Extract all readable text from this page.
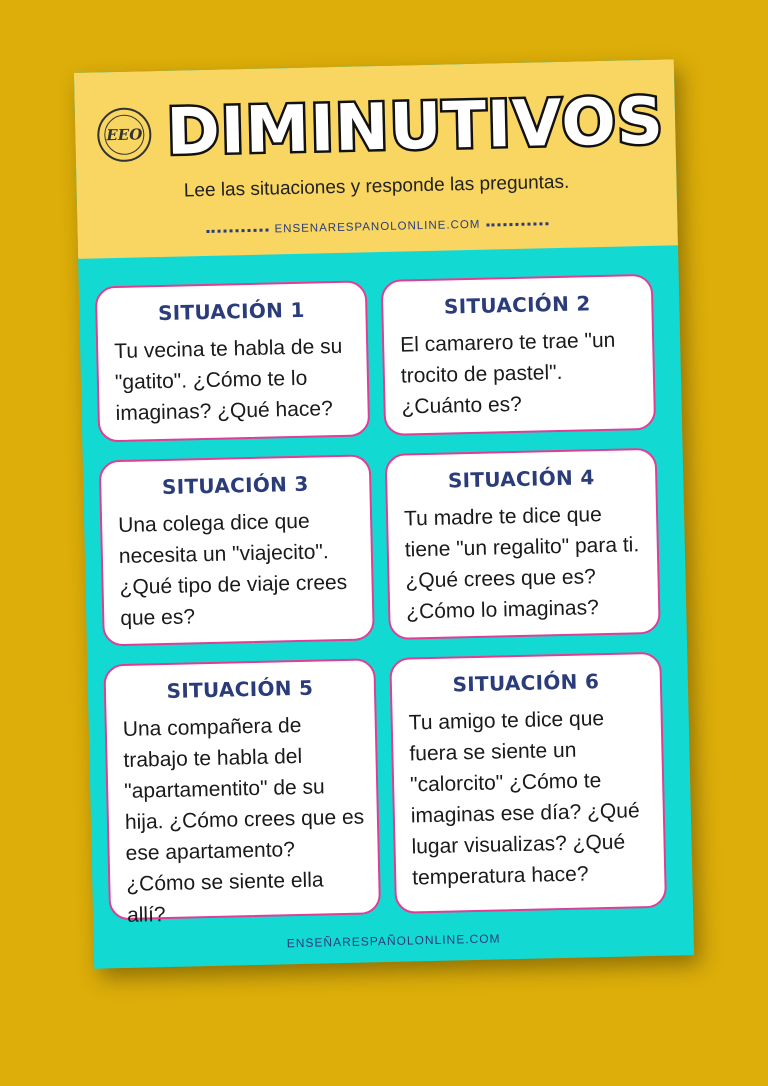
EEO DIMINUTIVOS
Lee las situaciones y responde las preguntas.
ENSENARESPANOLONLINE.COM
SITUACIÓN 1
Tu vecina te habla de su "gatito". ¿Cómo te lo imaginas? ¿Qué hace?
SITUACIÓN 2
El camarero te trae "un trocito de pastel". ¿Cuánto es?
SITUACIÓN 3
Una colega dice que necesita un "viajecito". ¿Qué tipo de viaje crees que es?
SITUACIÓN 4
Tu madre te dice que tiene "un regalito" para ti. ¿Qué crees que es? ¿Cómo lo imaginas?
SITUACIÓN 5
Una compañera de trabajo te habla del "apartamentito" de su hija. ¿Cómo crees que es ese apartamento? ¿Cómo se siente ella allí?
SITUACIÓN 6
Tu amigo te dice que fuera se siente un "calorcito" ¿Cómo te imaginas ese día? ¿Qué lugar visualizas? ¿Qué temperatura hace?
ENSEÑARESPAÑOLONLINE.COM
